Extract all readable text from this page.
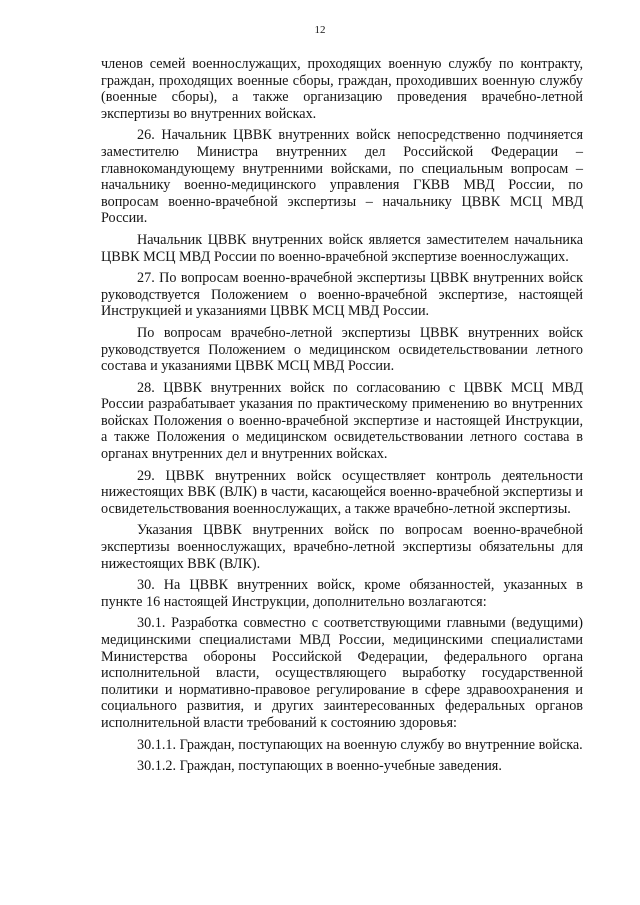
12

членов семей военнослужащих, проходящих военную службу по контракту, граждан, проходящих военные сборы, граждан, проходивших военную службу (военные сборы), а также организацию проведения врачебно-летной экспертизы во внутренних войсках.

26. Начальник ЦВВК внутренних войск непосредственно подчиняется заместителю Министра внутренних дел Российской Федерации – главнокомандующему внутренними войсками, по специальным вопросам – начальнику военно-медицинского управления ГКВВ МВД России, по вопросам военно-врачебной экспертизы – начальнику ЦВВК МСЦ МВД России.

Начальник ЦВВК внутренних войск является заместителем начальника ЦВВК МСЦ МВД России по военно-врачебной экспертизе военнослужащих.

27. По вопросам военно-врачебной экспертизы ЦВВК внутренних войск руководствуется Положением о военно-врачебной экспертизе, настоящей Инструкцией и указаниями ЦВВК МСЦ МВД России.

По вопросам врачебно-летной экспертизы ЦВВК внутренних войск руководствуется Положением о медицинском освидетельствовании летного состава и указаниями ЦВВК МСЦ МВД России.

28. ЦВВК внутренних войск по согласованию с ЦВВК МСЦ МВД России разрабатывает указания по практическому применению во внутренних войсках Положения о военно-врачебной экспертизе и настоящей Инструкции, а также Положения о медицинском освидетельствовании летного состава в органах внутренних дел и внутренних войсках.

29. ЦВВК внутренних войск осуществляет контроль деятельности нижестоящих ВВК (ВЛК) в части, касающейся военно-врачебной экспертизы и освидетельствования военнослужащих, а также врачебно-летной экспертизы.

Указания ЦВВК внутренних войск по вопросам военно-врачебной экспертизы военнослужащих, врачебно-летной экспертизы обязательны для нижестоящих ВВК (ВЛК).

30. На ЦВВК внутренних войск, кроме обязанностей, указанных в пункте 16 настоящей Инструкции, дополнительно возлагаются:

30.1. Разработка совместно с соответствующими главными (ведущими) медицинскими специалистами МВД России, медицинскими специалистами Министерства обороны Российской Федерации, федерального органа исполнительной власти, осуществляющего выработку государственной политики и нормативно-правовое регулирование в сфере здравоохранения и социального развития, и других заинтересованных федеральных органов исполнительной власти требований к состоянию здоровья:

30.1.1. Граждан, поступающих на военную службу во внутренние войска.

30.1.2. Граждан, поступающих в военно-учебные заведения.
